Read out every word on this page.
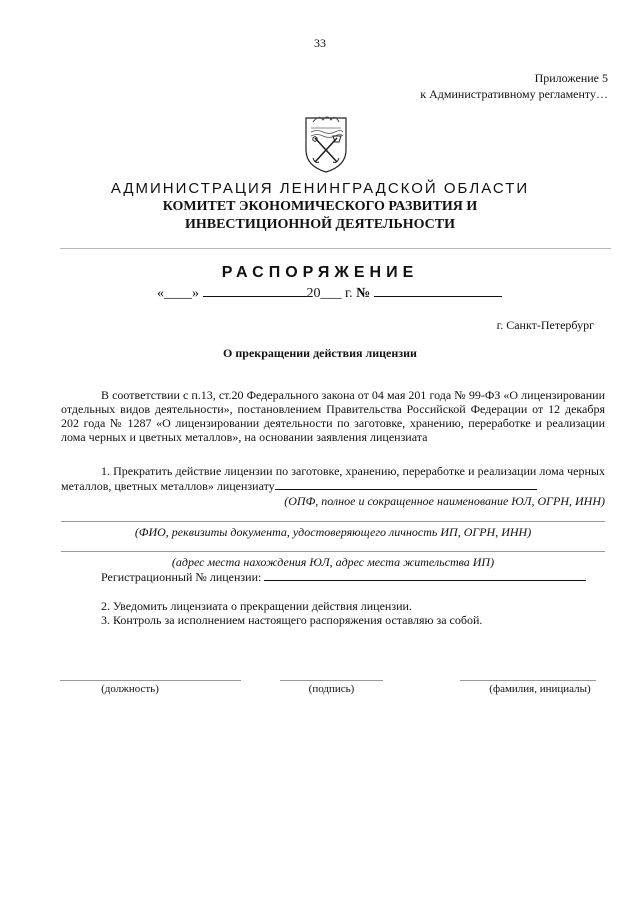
33
Приложение 5
к Административному регламенту…
АДМИНИСТРАЦИЯ ЛЕНИНГРАДСКОЙ ОБЛАСТИ
КОМИТЕТ ЭКОНОМИЧЕСКОГО РАЗВИТИЯ И
ИНВЕСТИЦИОННОЙ ДЕЯТЕЛЬНОСТИ
РАСПОРЯЖЕНИЕ
«____»	20___ г. №
г. Санкт-Петербург
О прекращении действия лицензии
В соответствии с п.13, ст.20 Федерального закона от 04 мая 201 года № 99-ФЗ «О лицензировании отдельных видов деятельности», постановлением Правительства Российской Федерации от 12 декабря 202 года № 1287 «О лицензировании деятельности по заготовке, хранению, переработке и реализации лома черных и цветных металлов», на основании заявления лицензиата
1. Прекратить действие лицензии по заготовке, хранению, переработке и реализации лома черных металлов, цветных металлов» лицензиату
(ОПФ, полное и сокращенное наименование ЮЛ, ОГРН, ИНН)
(ФИО, реквизиты документа, удостоверяющего личность ИП, ОГРН, ИНН)
(адрес места нахождения ЮЛ, адрес места жительства ИП)
Регистрационный № лицензии:
2. Уведомить лицензиата о прекращении действия лицензии.
3. Контроль за исполнением настоящего распоряжения оставляю за собой.
(должность)	(подпись)	(фамилия, инициалы)
